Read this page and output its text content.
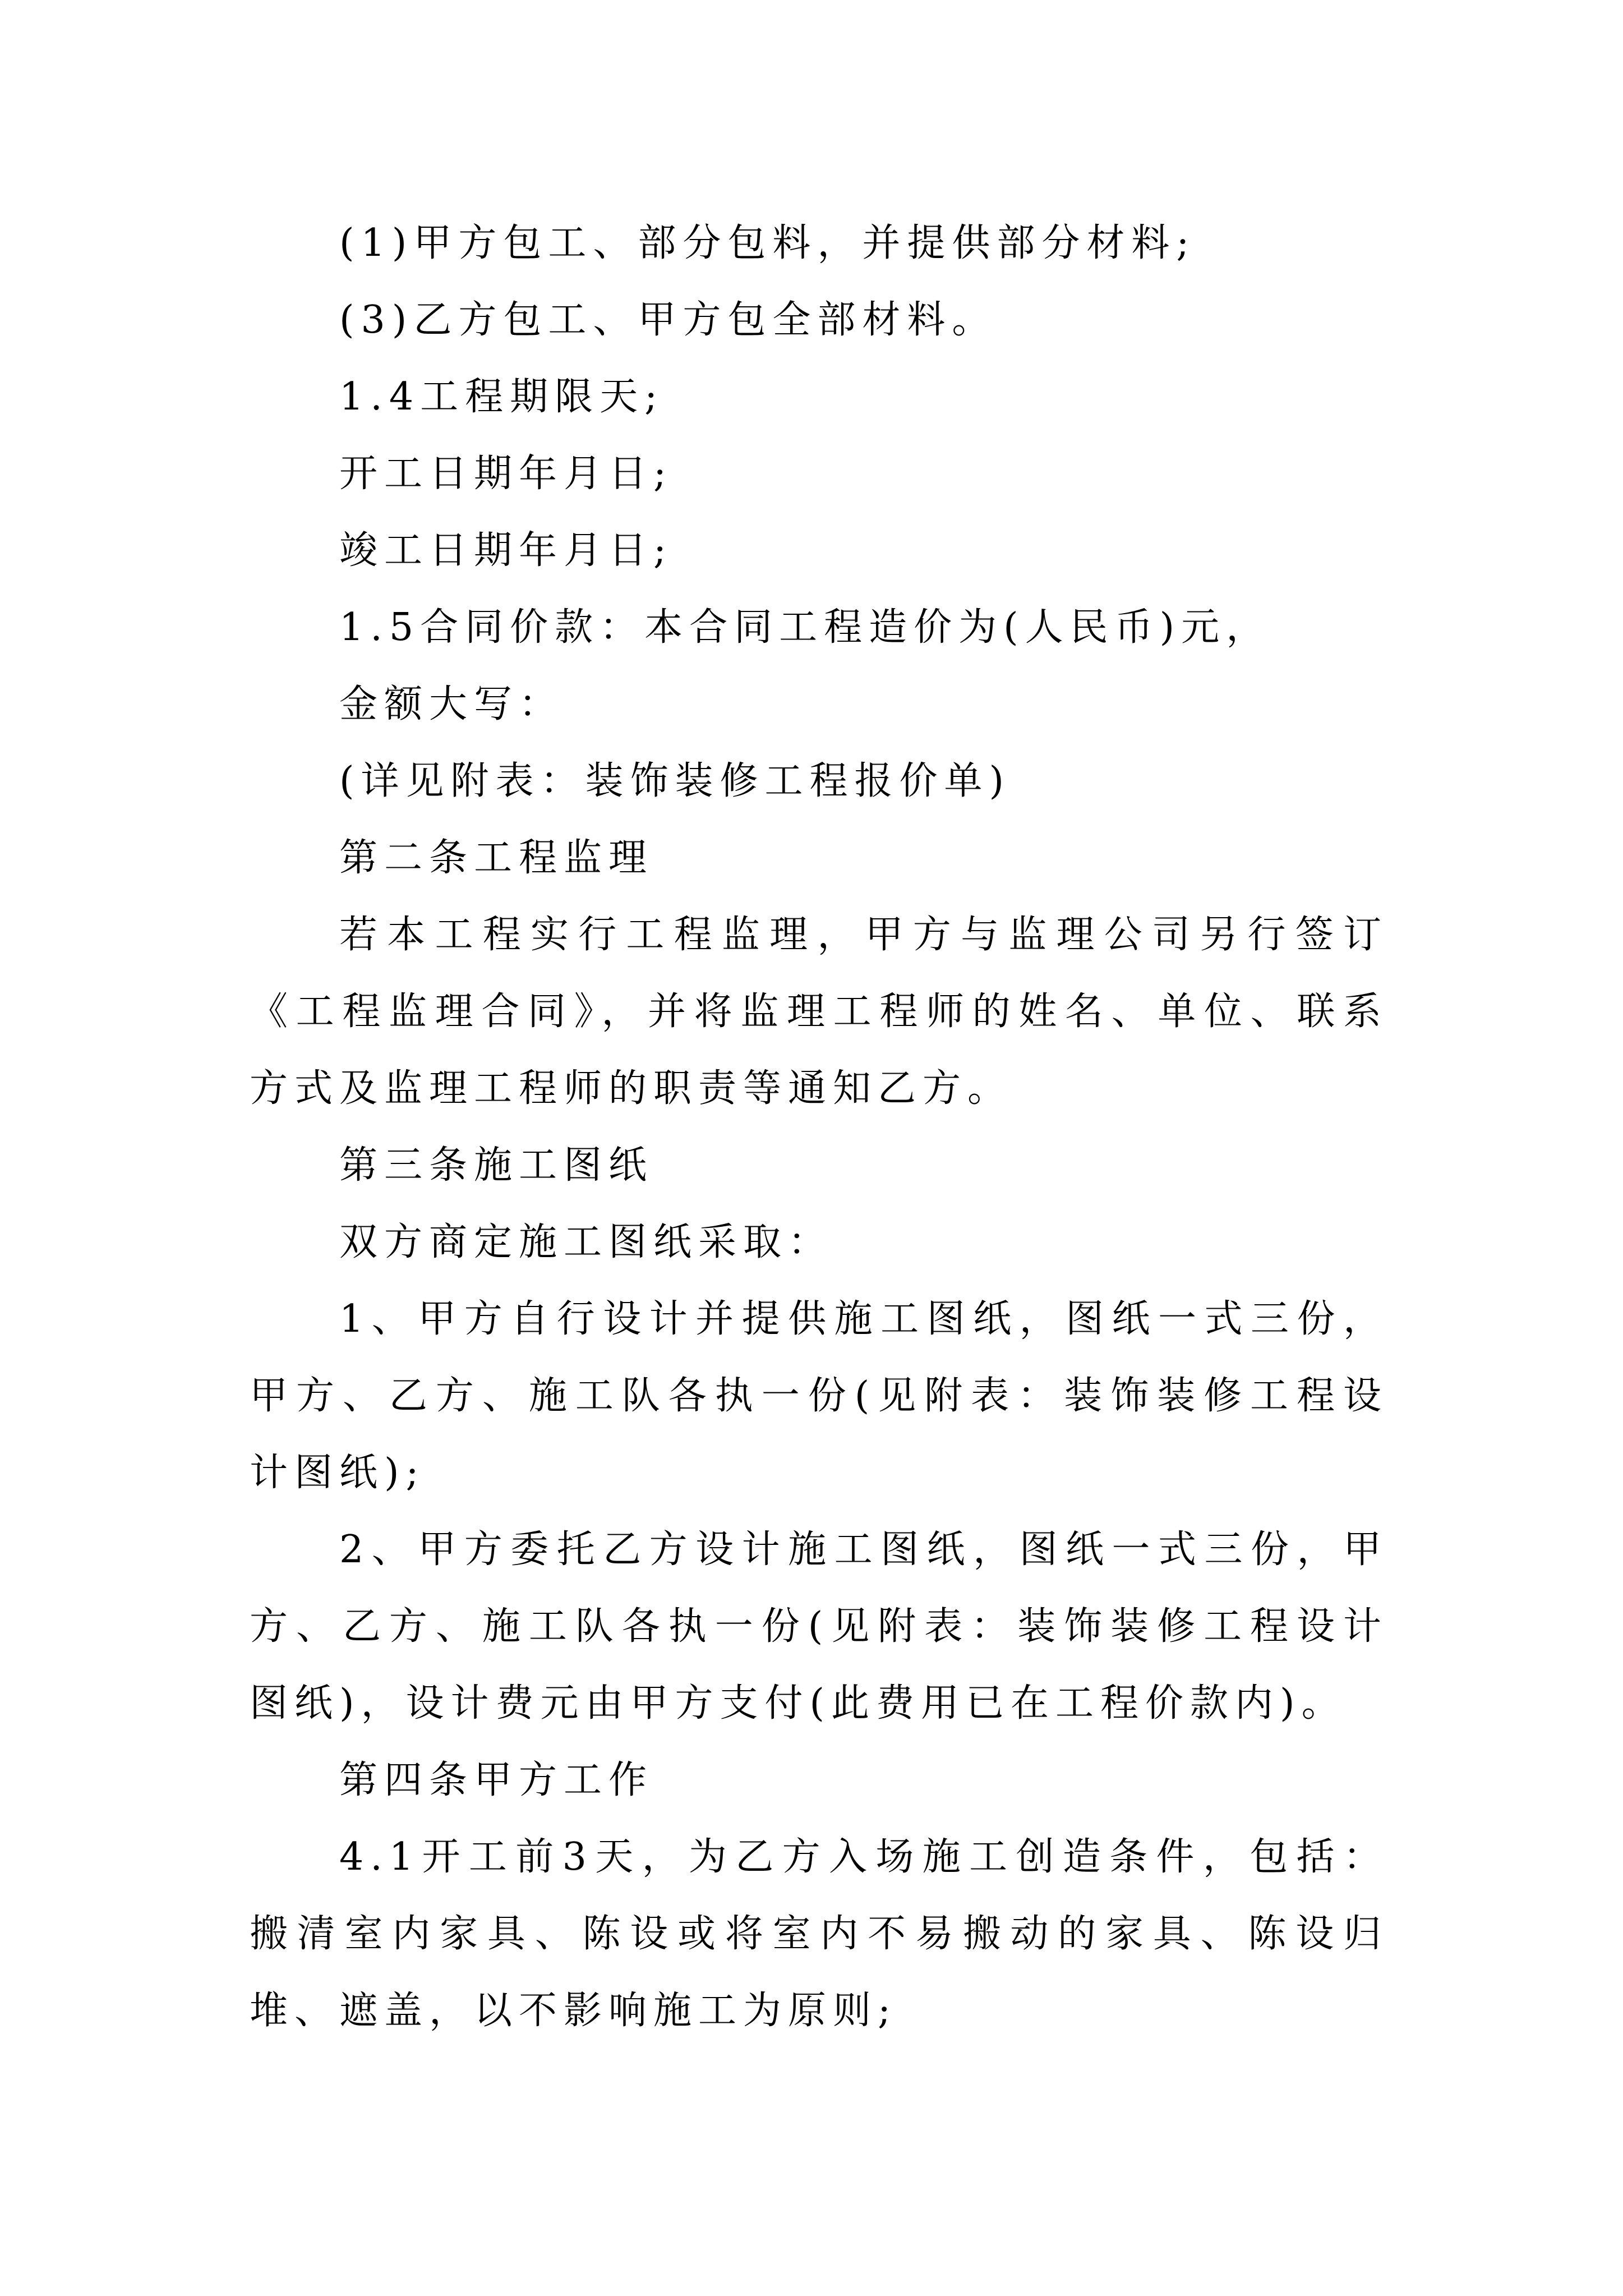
(1)甲方包工、部分包料，并提供部分材料;

(3)乙方包工、甲方包全部材料。

1.4工程期限天;

开工日期年月日;

竣工日期年月日;

1.5合同价款：本合同工程造价为(人民币)元，

金额大写：

(详见附表：装饰装修工程报价单)

第二条工程监理

若本工程实行工程监理，甲方与监理公司另行签订《工程监理合同》，并将监理工程师的姓名、单位、联系方式及监理工程师的职责等通知乙方。

第三条施工图纸

双方商定施工图纸采取：

1、甲方自行设计并提供施工图纸，图纸一式三份，甲方、乙方、施工队各执一份(见附表：装饰装修工程设计图纸);

2、甲方委托乙方设计施工图纸，图纸一式三份，甲方、乙方、施工队各执一份(见附表：装饰装修工程设计图纸)，设计费元由甲方支付(此费用已在工程价款内)。

第四条甲方工作

4.1开工前3天，为乙方入场施工创造条件，包括：搬清室内家具、陈设或将室内不易搬动的家具、陈设归堆、遮盖，以不影响施工为原则;
